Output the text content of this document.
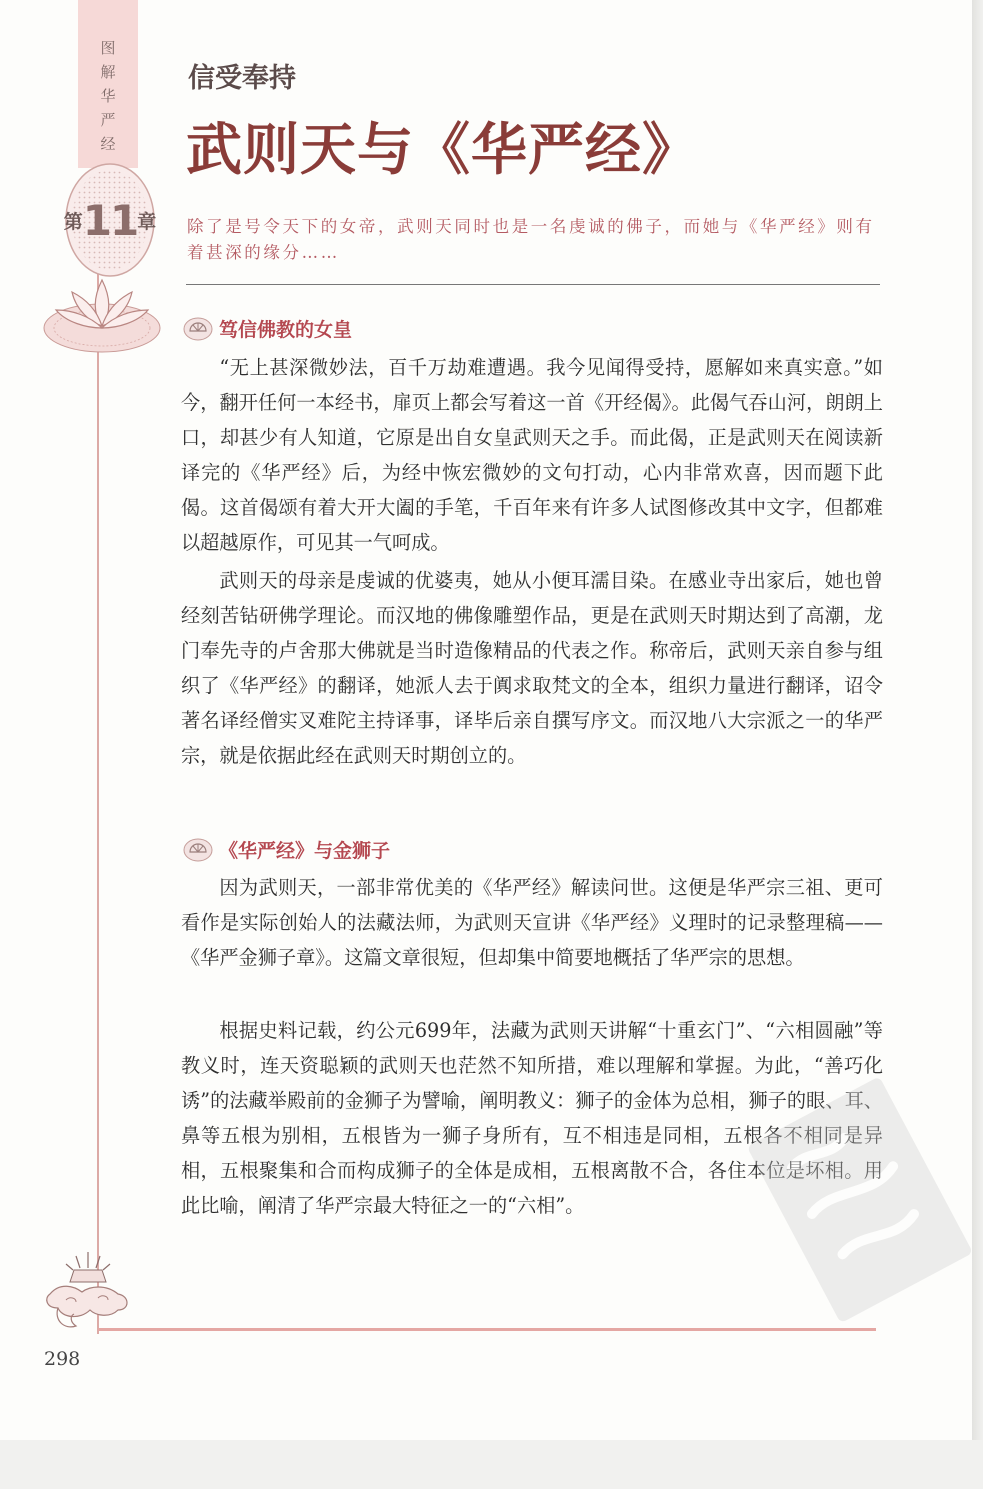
图
解
华
严
经
第11章
信受奉持
武则天与《华严经》
除了是号令天下的女帝，武则天同时也是一名虔诚的佛子，而她与《华严经》则有着甚深的缘分……
笃信佛教的女皇
“无上甚深微妙法，百千万劫难遭遇。我今见闻得受持，愿解如来真实意。”如今，翻开任何一本经书，扉页上都会写着这一首《开经偈》。此偈气吞山河，朗朗上口，却甚少有人知道，它原是出自女皇武则天之手。而此偈，正是武则天在阅读新译完的《华严经》后，为经中恢宏微妙的文句打动，心内非常欢喜，因而题下此偈。这首偈颂有着大开大阖的手笔，千百年来有许多人试图修改其中文字，但都难以超越原作，可见其一气呵成。
武则天的母亲是虔诚的优婆夷，她从小便耳濡目染。在感业寺出家后，她也曾经刻苦钻研佛学理论。而汉地的佛像雕塑作品，更是在武则天时期达到了高潮，龙门奉先寺的卢舍那大佛就是当时造像精品的代表之作。称帝后，武则天亲自参与组织了《华严经》的翻译，她派人去于阗求取梵文的全本，组织力量进行翻译，诏令著名译经僧实叉难陀主持译事，译毕后亲自撰写序文。而汉地八大宗派之一的华严宗，就是依据此经在武则天时期创立的。
《华严经》与金狮子
因为武则天，一部非常优美的《华严经》解读问世。这便是华严宗三祖、更可看作是实际创始人的法藏法师，为武则天宣讲《华严经》义理时的记录整理稿——《华严金狮子章》。这篇文章很短，但却集中简要地概括了华严宗的思想。
根据史料记载，约公元699年，法藏为武则天讲解“十重玄门”、“六相圆融”等教义时，连天资聪颖的武则天也茫然不知所措，难以理解和掌握。为此，“善巧化诱”的法藏举殿前的金狮子为譬喻，阐明教义：狮子的金体为总相，狮子的眼、耳、鼻等五根为别相，五根皆为一狮子身所有，互不相违是同相，五根各不相同是异相，五根聚集和合而构成狮子的全体是成相，五根离散不合，各住本位是坏相。用此比喻，阐清了华严宗最大特征之一的“六相”。
298
